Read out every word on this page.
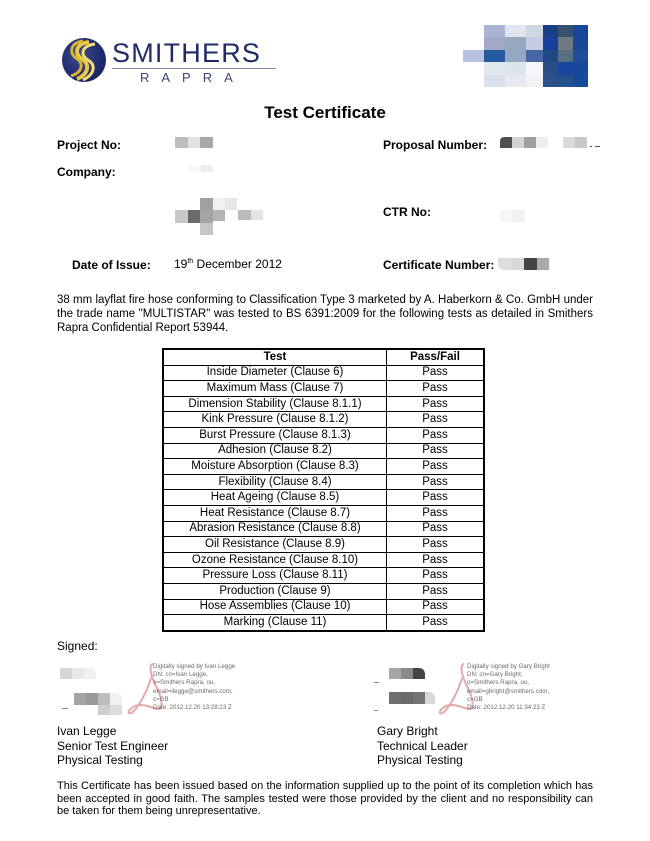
SMITHERS
RAPRA
Test Certificate
Project No:
Company:
Date of Issue: 19th December 2012
Proposal Number:
CTR No:
Certificate Number:
38 mm layflat fire hose conforming to Classification Type 3 marketed by A. Haberkorn & Co. GmbH under the trade name "MULTISTAR" was tested to BS 6391:2009 for the following tests as detailed in Smithers Rapra Confidential Report 53944.
Test	Pass/Fail
Inside Diameter (Clause 6)	Pass
Maximum Mass (Clause 7)	Pass
Dimension Stability (Clause 8.1.1)	Pass
Kink Pressure (Clause 8.1.2)	Pass
Burst Pressure (Clause 8.1.3)	Pass
Adhesion (Clause 8.2)	Pass
Moisture Absorption (Clause 8.3)	Pass
Flexibility (Clause 8.4)	Pass
Heat Ageing (Clause 8.5)	Pass
Heat Resistance (Clause 8.7)	Pass
Abrasion Resistance (Clause 8.8)	Pass
Oil Resistance (Clause 8.9)	Pass
Ozone Resistance (Clause 8.10)	Pass
Pressure Loss (Clause 8.11)	Pass
Production (Clause 9)	Pass
Hose Assemblies (Clause 10)	Pass
Marking (Clause 11)	Pass
Signed:
Digitally signed by Ivan Legge
DN: cn=Ivan Legge,
o=Smithers Rapra, ou,
email=ilegge@smithers.com,
c=GB
Date: 2012.12.20 13:28:23 Z
Ivan Legge
Senior Test Engineer
Physical Testing
Digitally signed by Gary Bright
DN: cn=Gary Bright,
o=Smithers Rapra, ou,
email=gbright@smithers.com,
c=GB
Date: 2012.12.20 11:34:23 Z
Gary Bright
Technical Leader
Physical Testing
This Certificate has been issued based on the information supplied up to the point of its completion which has been accepted in good faith. The samples tested were those provided by the client and no responsibility can be taken for them being unrepresentative.
